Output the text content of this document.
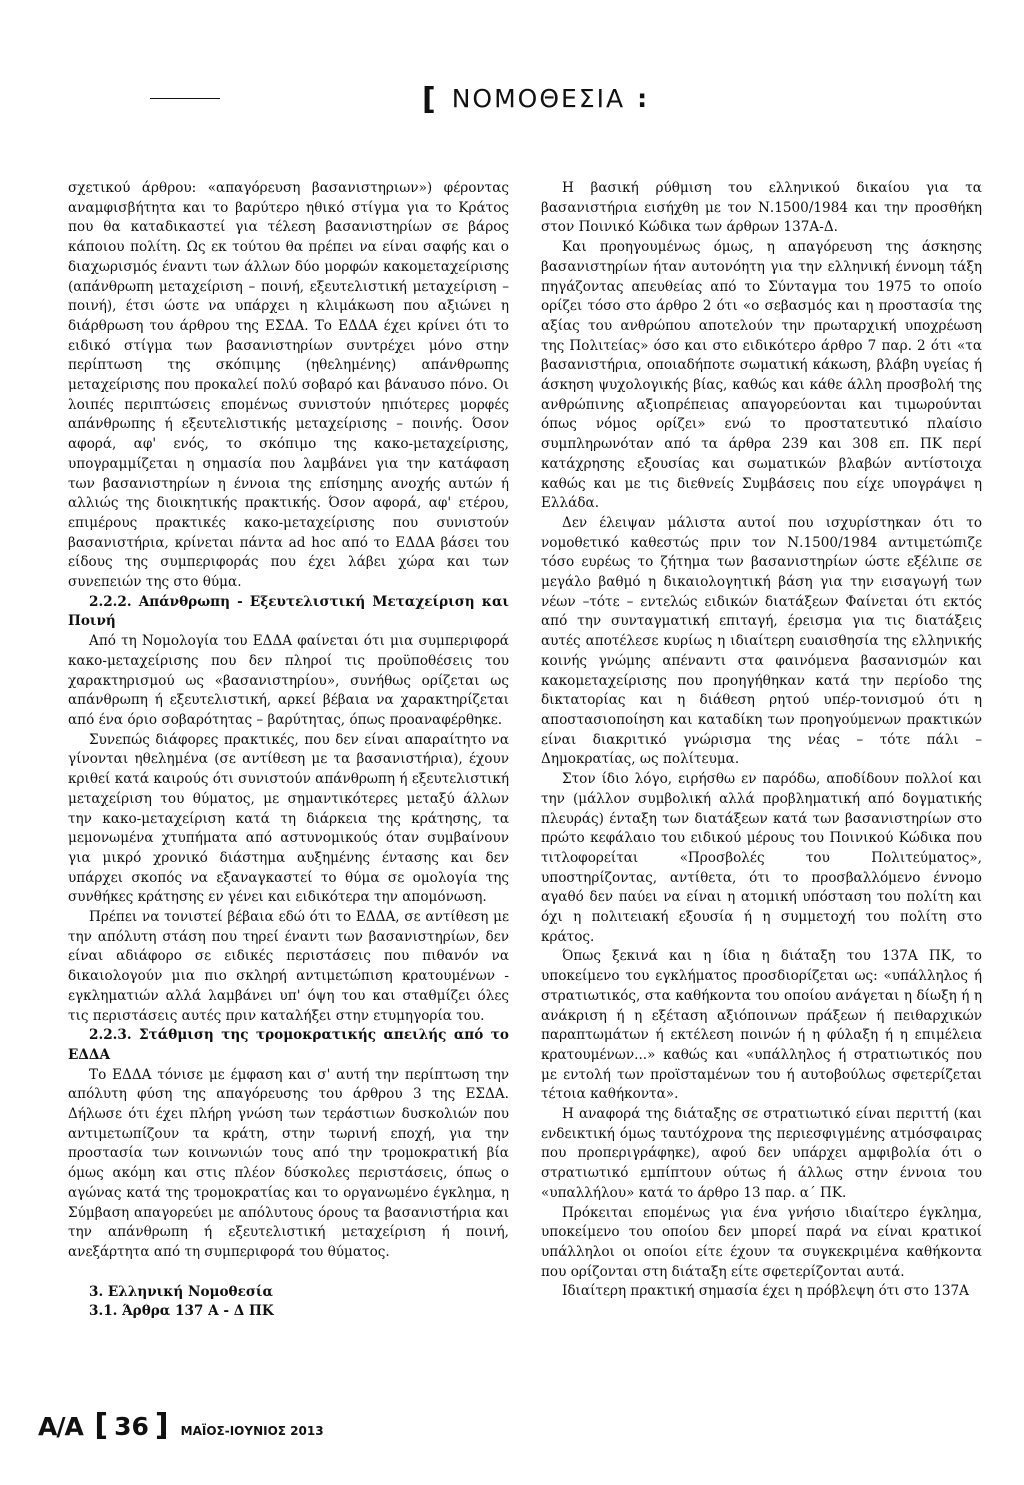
[ ΝΟΜΟΘΕΣΙΑ :

σχετικού άρθρου: «απαγόρευση βασανιστηριων») φέροντας αναμφισβήτητα και το βαρύτερο ηθικό στίγμα για το Κράτος που θα καταδικαστεί για τέλεση βασανιστηρίων σε βάρος κάποιου πολίτη. Ως εκ τούτου θα πρέπει να είναι σαφής και ο διαχωρισμός έναντι των άλλων δύο μορφών κακομεταχείρισης (απάνθρωπη μεταχείριση – ποινή, εξευτελιστική μεταχείριση – ποινή), έτσι ώστε να υπάρχει η κλιμάκωση που αξιώνει η διάρθρωση του άρθρου της ΕΣΔΑ. Το ΕΔΔΑ έχει κρίνει ότι το ειδικό στίγμα των βασανιστηρίων συντρέχει μόνο στην περίπτωση της σκόπιμης (ηθελημένης) απάνθρωπης μεταχείρισης που προκαλεί πολύ σοβαρό και βάναυσο πόνο. Οι λοιπές περιπτώσεις επομένως συνιστούν ηπιότερες μορφές απάνθρωπης ή εξευτελιστικής μεταχείρισης – ποινής. Όσον αφορά, αφ' ενός, το σκόπιμο της κακο-μεταχείρισης, υπογραμμίζεται η σημασία που λαμβάνει για την κατάφαση των βασανιστηρίων η έννοια της επίσημης ανοχής αυτών ή αλλιώς της διοικητικής πρακτικής. Όσον αφορά, αφ' ετέρου, επιμέρους πρακτικές κακο-μεταχείρισης που συνιστούν βασανιστήρια, κρίνεται πάντα ad hoc από το ΕΔΔΑ βάσει του είδους της συμπεριφοράς που έχει λάβει χώρα και των συνεπειών της στο θύμα.

2.2.2. Απάνθρωπη - Εξευτελιστική Μεταχείριση και Ποινή

Από τη Νομολογία του ΕΔΔΑ φαίνεται ότι μια συμπεριφορά κακο-μεταχείρισης που δεν πληροί τις προϋποθέσεις του χαρακτηρισμού ως «βασανιστηρίου», συνήθως ορίζεται ως απάνθρωπη ή εξευτελιστική, αρκεί βέβαια να χαρακτηρίζεται από ένα όριο σοβαρότητας – βαρύτητας, όπως προαναφέρθηκε.

Συνεπώς διάφορες πρακτικές, που δεν είναι απαραίτητο να γίνονται ηθελημένα (σε αντίθεση με τα βασανιστήρια), έχουν κριθεί κατά καιρούς ότι συνιστούν απάνθρωπη ή εξευτελιστική μεταχείριση του θύματος, με σημαντικότερες μεταξύ άλλων την κακο-μεταχείριση κατά τη διάρκεια της κράτησης, τα μεμονωμένα χτυπήματα από αστυνομικούς όταν συμβαίνουν για μικρό χρονικό διάστημα αυξημένης έντασης και δεν υπάρχει σκοπός να εξαναγκαστεί το θύμα σε ομολογία της συνθήκες κράτησης εν γένει και ειδικότερα την απομόνωση.

Πρέπει να τονιστεί βέβαια εδώ ότι το ΕΔΔΑ, σε αντίθεση με την απόλυτη στάση που τηρεί έναντι των βασανιστηρίων, δεν είναι αδιάφορο σε ειδικές περιστάσεις που πιθανόν να δικαιολογούν μια πιο σκληρή αντιμετώπιση κρατουμένων - εγκληματιών αλλά λαμβάνει υπ' όψη του και σταθμίζει όλες τις περιστάσεις αυτές πριν καταλήξει στην ετυμηγορία του.

2.2.3. Στάθμιση της τρομοκρατικής απειλής από το ΕΔΔΑ

Το ΕΔΔΑ τόνισε με έμφαση και σ' αυτή την περίπτωση την απόλυτη φύση της απαγόρευσης του άρθρου 3 της ΕΣΔΑ. Δήλωσε ότι έχει πλήρη γνώση των τεράστιων δυσκολιών που αντιμετωπίζουν τα κράτη, στην τωρινή εποχή, για την προστασία των κοινωνιών τους από την τρομοκρατική βία όμως ακόμη και στις πλέον δύσκολες περιστάσεις, όπως ο αγώνας κατά της τρομοκρατίας και το οργανωμένο έγκλημα, η Σύμβαση απαγορεύει με απόλυτους όρους τα βασανιστήρια και την απάνθρωπη ή εξευτελιστική μεταχείριση ή ποινή, ανεξάρτητα από τη συμπεριφορά του θύματος.

3. Ελληνική Νομοθεσία
3.1. Άρθρα 137 Α - Δ ΠΚ

Η βασική ρύθμιση του ελληνικού δικαίου για τα βασανιστήρια εισήχθη με τον Ν.1500/1984 και την προσθήκη στον Ποινικό Κώδικα των άρθρων 137Α-Δ.

Και προηγουμένως όμως, η απαγόρευση της άσκησης βασανιστηρίων ήταν αυτονόητη για την ελληνική έννομη τάξη πηγάζοντας απευθείας από το Σύνταγμα του 1975 το οποίο ορίζει τόσο στο άρθρο 2 ότι «ο σεβασμός και η προστασία της αξίας του ανθρώπου αποτελούν την πρωταρχική υποχρέωση της Πολιτείας» όσο και στο ειδικότερο άρθρο 7 παρ. 2 ότι «τα βασανιστήρια, οποιαδήποτε σωματική κάκωση, βλάβη υγείας ή άσκηση ψυχολογικής βίας, καθώς και κάθε άλλη προσβολή της ανθρώπινης αξιοπρέπειας απαγορεύονται και τιμωρούνται όπως νόμος ορίζει» ενώ το προστατευτικό πλαίσιο συμπληρωνόταν από τα άρθρα 239 και 308 επ. ΠΚ περί κατάχρησης εξουσίας και σωματικών βλαβών αντίστοιχα καθώς και με τις διεθνείς Συμβάσεις που είχε υπογράψει η Ελλάδα.

Δεν έλειψαν μάλιστα αυτοί που ισχυρίστηκαν ότι το νομοθετικό καθεστώς πριν τον Ν.1500/1984 αντιμετώπιζε τόσο ευρέως το ζήτημα των βασανιστηρίων ώστε εξέλιπε σε μεγάλο βαθμό η δικαιολογητική βάση για την εισαγωγή των νέων –τότε – εντελώς ειδικών διατάξεων Φαίνεται ότι εκτός από την συνταγματική επιταγή, έρεισμα για τις διατάξεις αυτές αποτέλεσε κυρίως η ιδιαίτερη ευαισθησία της ελληνικής κοινής γνώμης απέναντι στα φαινόμενα βασανισμών και κακομεταχείρισης που προηγήθηκαν κατά την περίοδο της δικτατορίας και η διάθεση ρητού υπέρ-τονισμού ότι η αποστασιοποίηση και καταδίκη των προηγούμενων πρακτικών είναι διακριτικό γνώρισμα της νέας – τότε πάλι – Δημοκρατίας, ως πολίτευμα.

Στον ίδιο λόγο, ειρήσθω εν παρόδω, αποδίδουν πολλοί και την (μάλλον συμβολική αλλά προβληματική από δογματικής πλευράς) ένταξη των διατάξεων κατά των βασανιστηρίων στο πρώτο κεφάλαιο του ειδικού μέρους του Ποινικού Κώδικα που τιτλοφορείται «Προσβολές του Πολιτεύματος», υποστηρίζοντας, αντίθετα, ότι το προσβαλλόμενο έννομο αγαθό δεν παύει να είναι η ατομική υπόσταση του πολίτη και όχι η πολιτειακή εξουσία ή η συμμετοχή του πολίτη στο κράτος.

Όπως ξεκινά και η ίδια η διάταξη του 137Α ΠΚ, το υποκείμενο του εγκλήματος προσδιορίζεται ως: «υπάλληλος ή στρατιωτικός, στα καθήκοντα του οποίου ανάγεται η δίωξη ή η ανάκριση ή η εξέταση αξιόποινων πράξεων ή πειθαρχικών παραπτωμάτων ή εκτέλεση ποινών ή η φύλαξη ή η επιμέλεια κρατουμένων...» καθώς και «υπάλληλος ή στρατιωτικός που με εντολή των προϊσταμένων του ή αυτοβούλως σφετερίζεται τέτοια καθήκοντα».

Η αναφορά της διάταξης σε στρατιωτικό είναι περιττή (και ενδεικτική όμως ταυτόχρονα της περιεσφιγμένης ατμόσφαιρας που προπεριγράφηκε), αφού δεν υπάρχει αμφιβολία ότι ο στρατιωτικό εμπίπτουν ούτως ή άλλως στην έννοια του «υπαλλήλου» κατά το άρθρο 13 παρ. α΄ ΠΚ.

Πρόκειται επομένως για ένα γνήσιο ιδιαίτερο έγκλημα, υποκείμενο του οποίου δεν μπορεί παρά να είναι κρατικοί υπάλληλοι οι οποίοι είτε έχουν τα συγκεκριμένα καθήκοντα που ορίζονται στη διάταξη είτε σφετερίζονται αυτά.

Ιδιαίτερη πρακτική σημασία έχει η πρόβλεψη ότι στο 137Α

Α/Α [ 36 ] ΜΑΪΟΣ-ΙΟΥΝΙΟΣ 2013
